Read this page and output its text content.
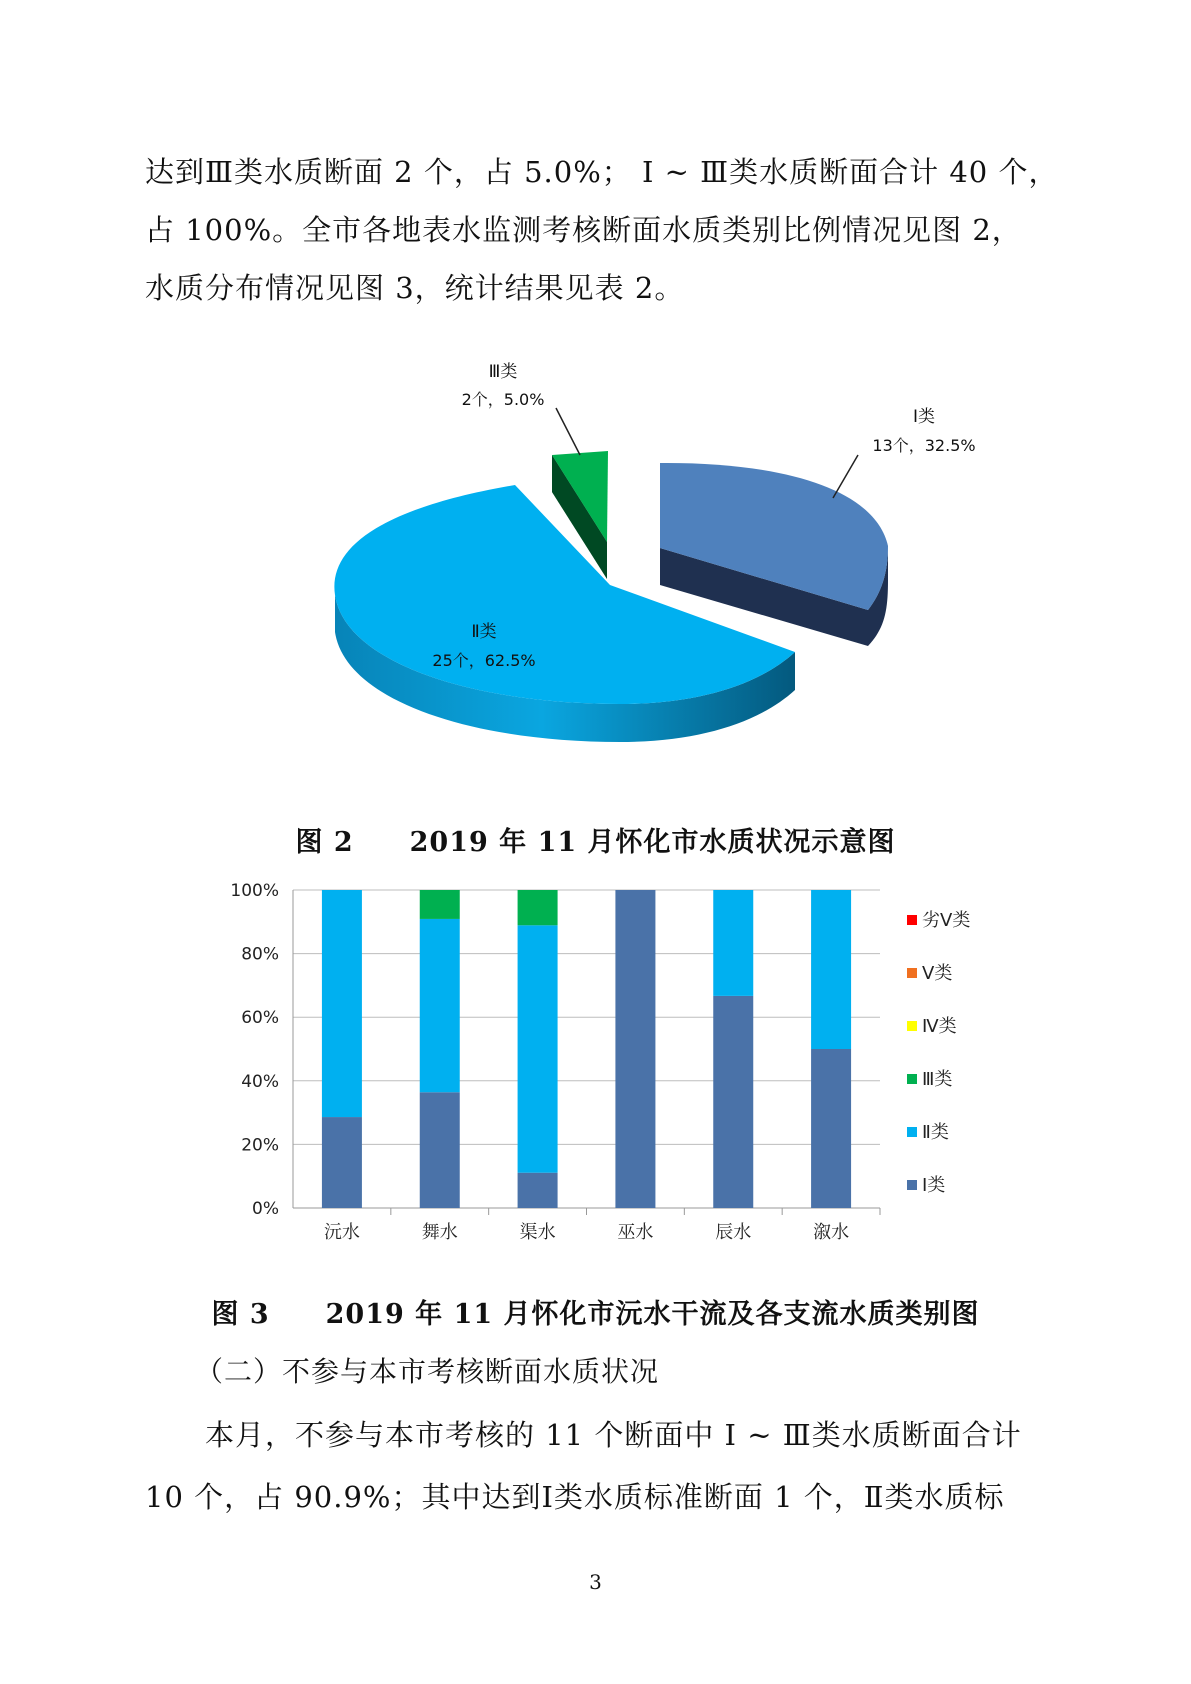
达到Ⅲ类水质断面 2 个，占 5.0%； Ⅰ ~ Ⅲ类水质断面合计 40 个，

占 100%。全市各地表水监测考核断面水质类别比例情况见图 2，

水质分布情况见图 3，统计结果见表 2。

Ⅲ类
2个，5.0%
Ⅰ类
13个，32.5%
Ⅱ类
25个，62.5%

图 2　　2019 年 11 月怀化市水质状况示意图

0%
20%
40%
60%
80%
100%
沅水	舞水	渠水	巫水	辰水	溆水
劣Ⅴ类
Ⅴ类
Ⅳ类
Ⅲ类
Ⅱ类
Ⅰ类

图 3　　2019 年 11 月怀化市沅水干流及各支流水质类别图

（二）不参与本市考核断面水质状况

本月，不参与本市考核的 11 个断面中 Ⅰ ~ Ⅲ类水质断面合计

10 个，占 90.9%；其中达到Ⅰ类水质标准断面 1 个，Ⅱ类水质标

3
